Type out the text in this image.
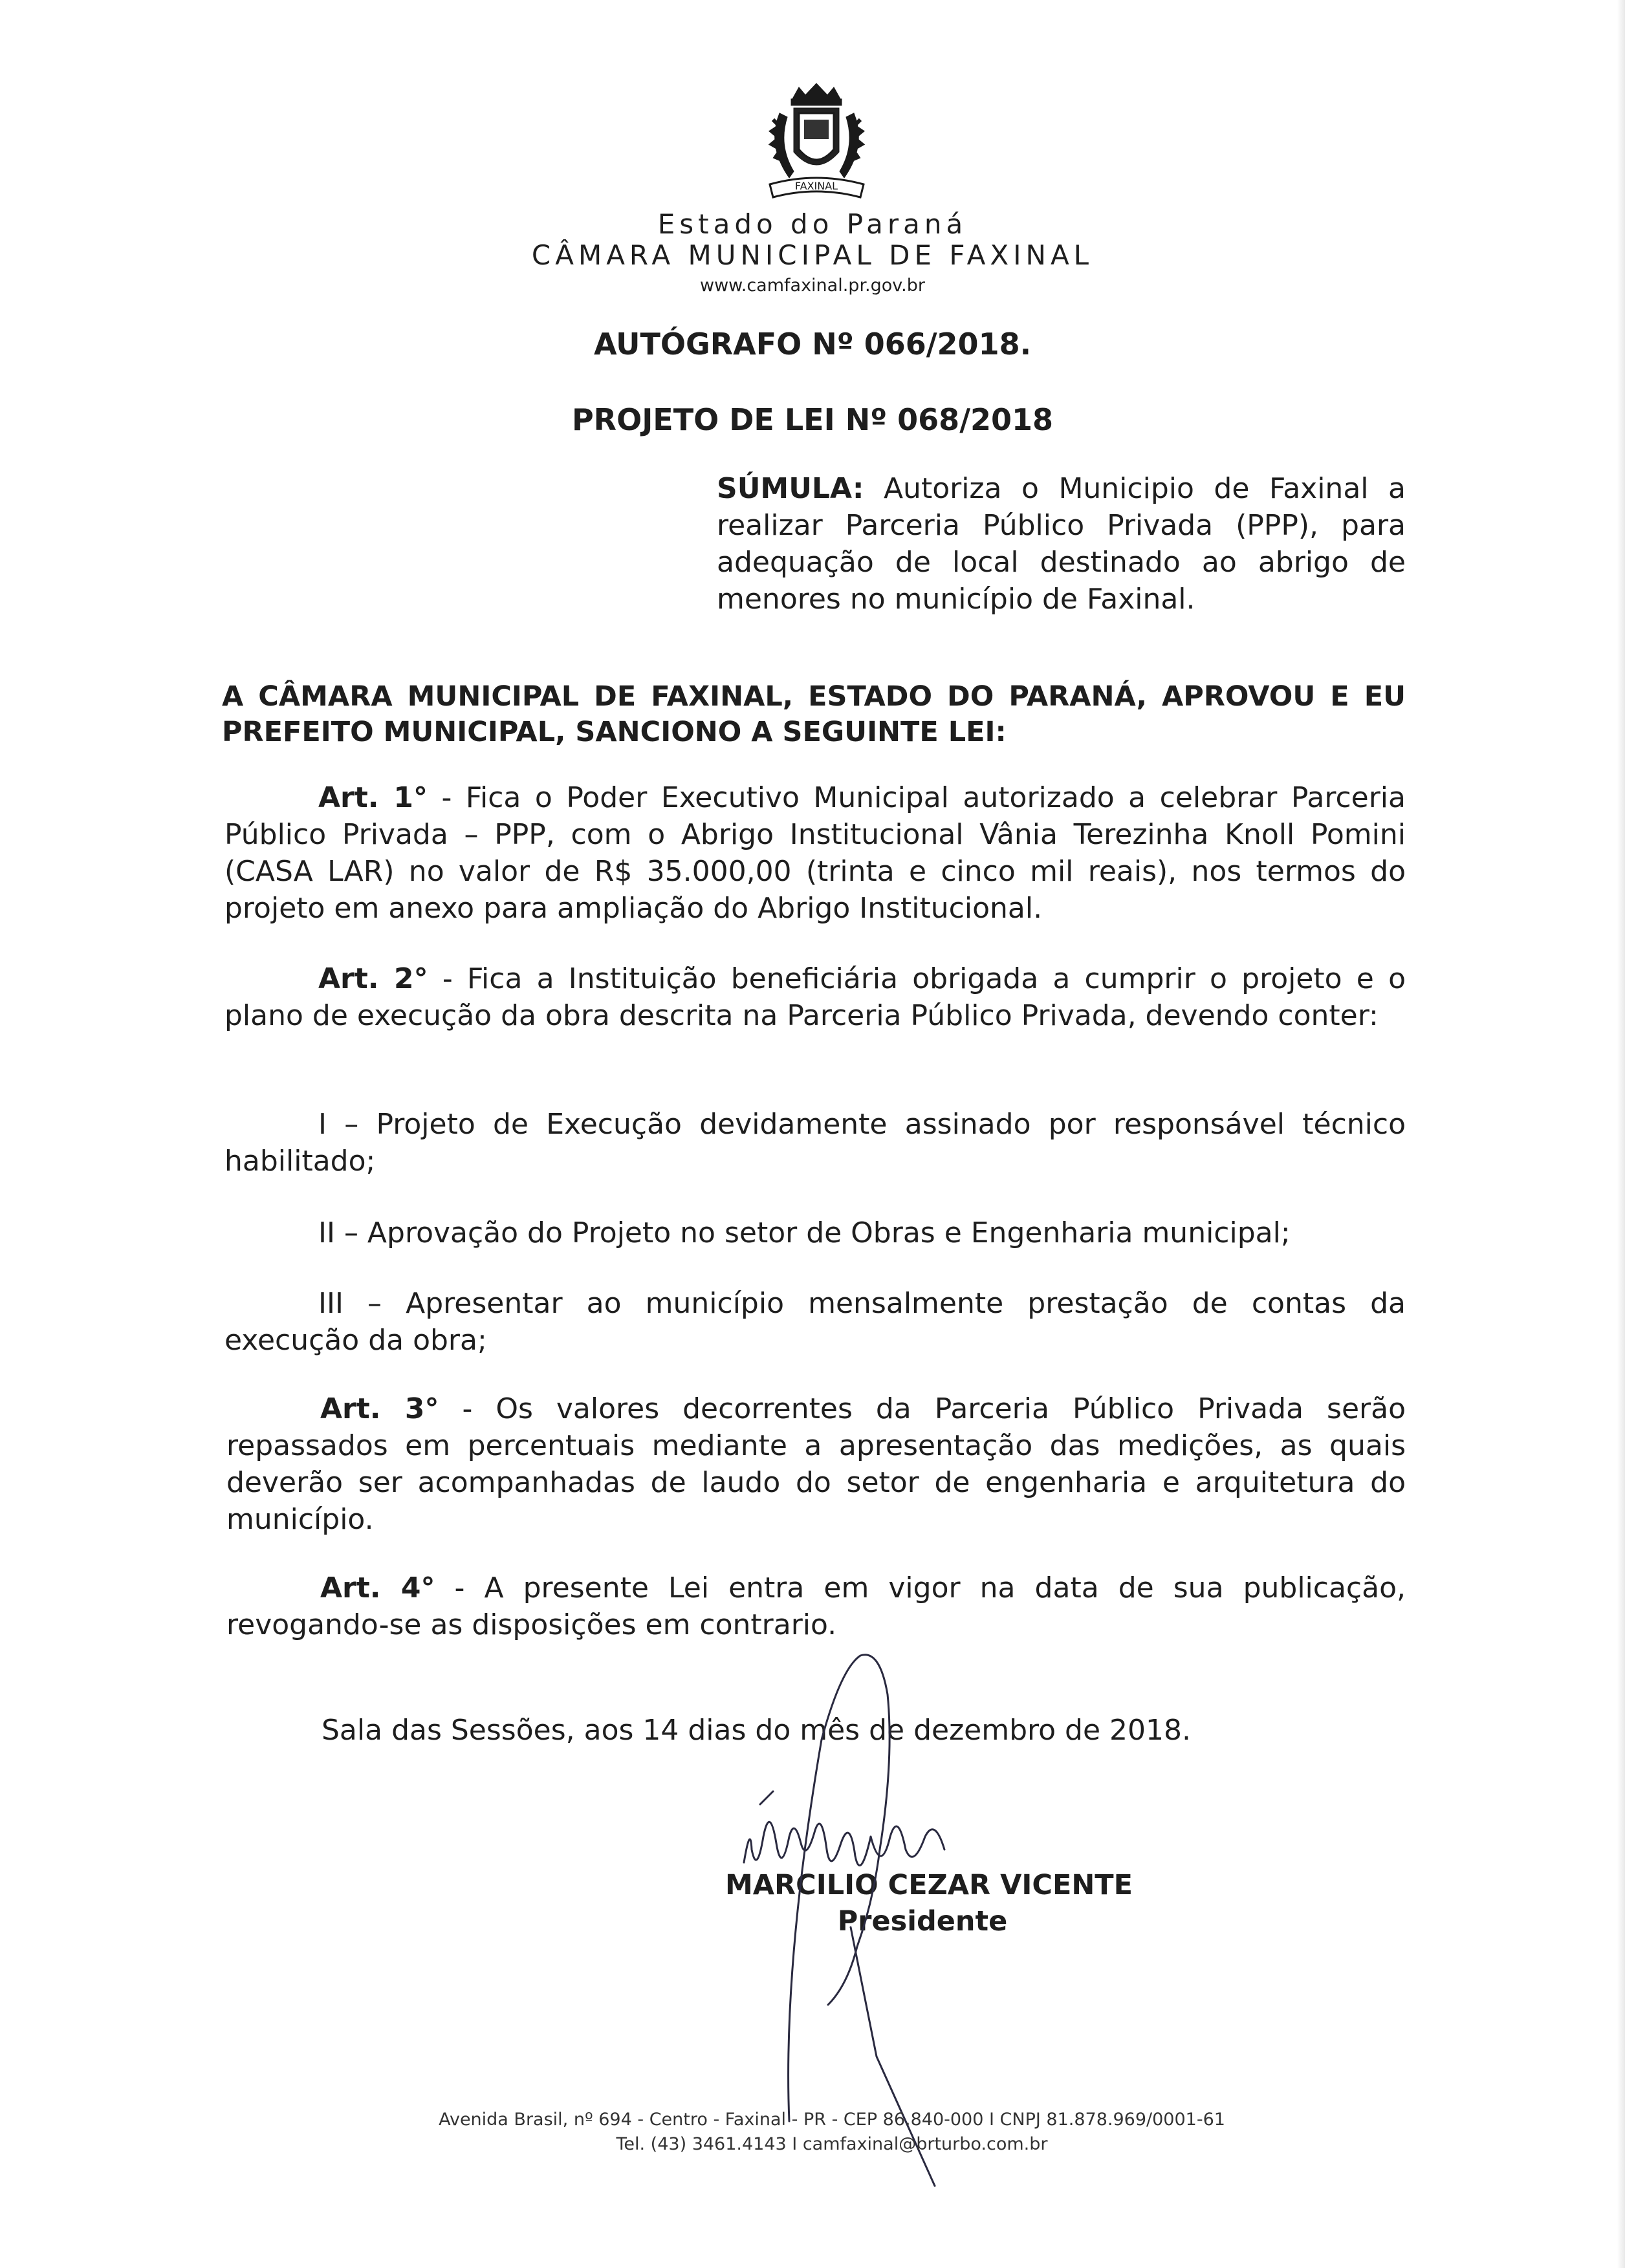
FAXINAL
Estado do Paraná
CÂMARA MUNICIPAL DE FAXINAL
www.camfaxinal.pr.gov.br
AUTÓGRAFO Nº 066/2018.
PROJETO DE LEI Nº 068/2018

SÚMULA: Autoriza o Municipio de Faxinal a realizar Parceria Público Privada (PPP), para adequação de local destinado ao abrigo de menores no município de Faxinal.

A CÂMARA MUNICIPAL DE FAXINAL, ESTADO DO PARANÁ, APROVOU E EU PREFEITO MUNICIPAL, SANCIONO A SEGUINTE LEI:

Art. 1° - Fica o Poder Executivo Municipal autorizado a celebrar Parceria Público Privada – PPP, com o Abrigo Institucional Vânia Terezinha Knoll Pomini (CASA LAR) no valor de R$ 35.000,00 (trinta e cinco mil reais), nos termos do projeto em anexo para ampliação do Abrigo Institucional.

Art. 2° - Fica a Instituição beneficiária obrigada a cumprir o projeto e o plano de execução da obra descrita na Parceria Público Privada, devendo conter:

I – Projeto de Execução devidamente assinado por responsável técnico habilitado;

II – Aprovação do Projeto no setor de Obras e Engenharia municipal;

III – Apresentar ao município mensalmente prestação de contas da execução da obra;

Art. 3° - Os valores decorrentes da Parceria Público Privada serão repassados em percentuais mediante a apresentação das medições, as quais deverão ser acompanhadas de laudo do setor de engenharia e arquitetura do município.

Art. 4° - A presente Lei entra em vigor na data de sua publicação, revogando-se as disposições em contrario.

Sala das Sessões, aos 14 dias do mês de dezembro de 2018.
MARCILIO CEZAR VICENTE
Presidente
Avenida Brasil, nº 694 - Centro - Faxinal - PR - CEP 86.840-000 I CNPJ 81.878.969/0001-61
Tel. (43) 3461.4143 I camfaxinal@brturbo.com.br
